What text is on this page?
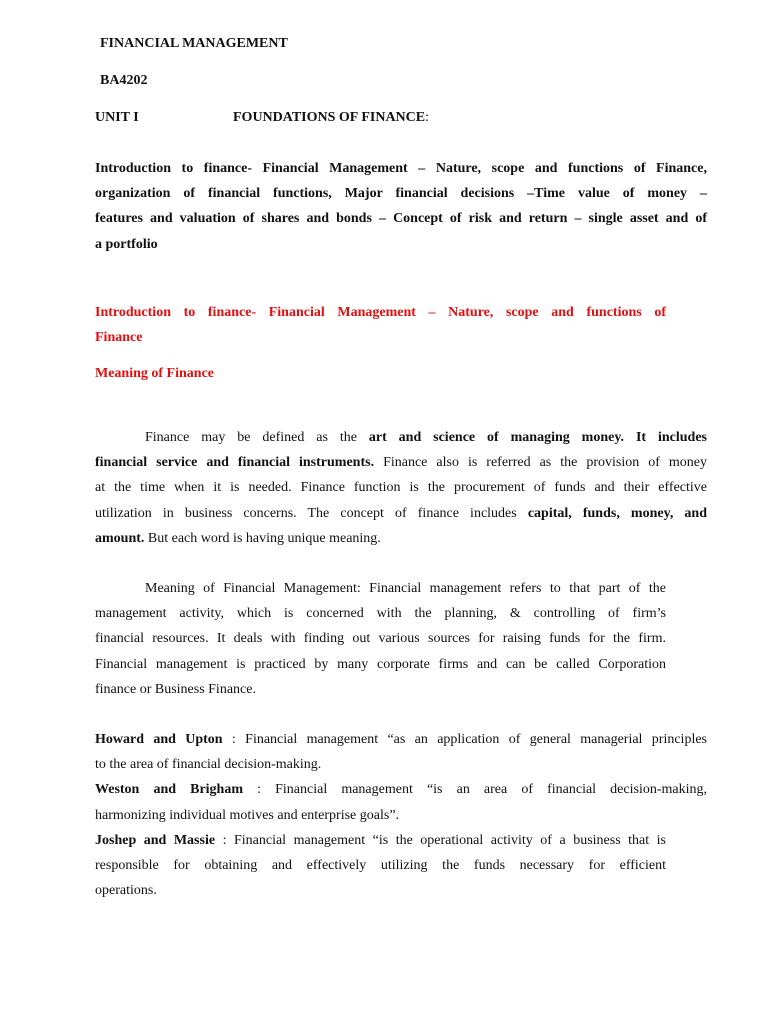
FINANCIAL MANAGEMENT
BA4202
UNIT I	FOUNDATIONS OF FINANCE:

Introduction to finance- Financial Management – Nature, scope and functions of Finance,

organization of financial functions, Major financial decisions –Time value of money –

features and valuation of shares and bonds – Concept of risk and return – single asset and of

a portfolio

Introduction to finance- Financial Management – Nature, scope and functions of

Finance

Meaning of Finance

Finance may be defined as the art and science of managing money. It includes

financial service and financial instruments. Finance also is referred as the provision of money

at the time when it is needed. Finance function is the procurement of funds and their effective

utilization in business concerns. The concept of finance includes capital, funds, money, and

amount. But each word is having unique meaning.

Meaning of Financial Management: Financial management refers to that part of the

management activity, which is concerned with the planning, & controlling of firm’s

financial resources. It deals with finding out various sources for raising funds for the firm.

Financial management is practiced by many corporate firms and can be called Corporation

finance or Business Finance.

Howard and Upton : Financial management “as an application of general managerial principles

to the area of financial decision-making.

Weston and Brigham : Financial management “is an area of financial decision-making,

harmonizing individual motives and enterprise goals”.

Joshep and Massie : Financial management “is the operational activity of a business that is

responsible for obtaining and effectively utilizing the funds necessary for efficient

operations.
